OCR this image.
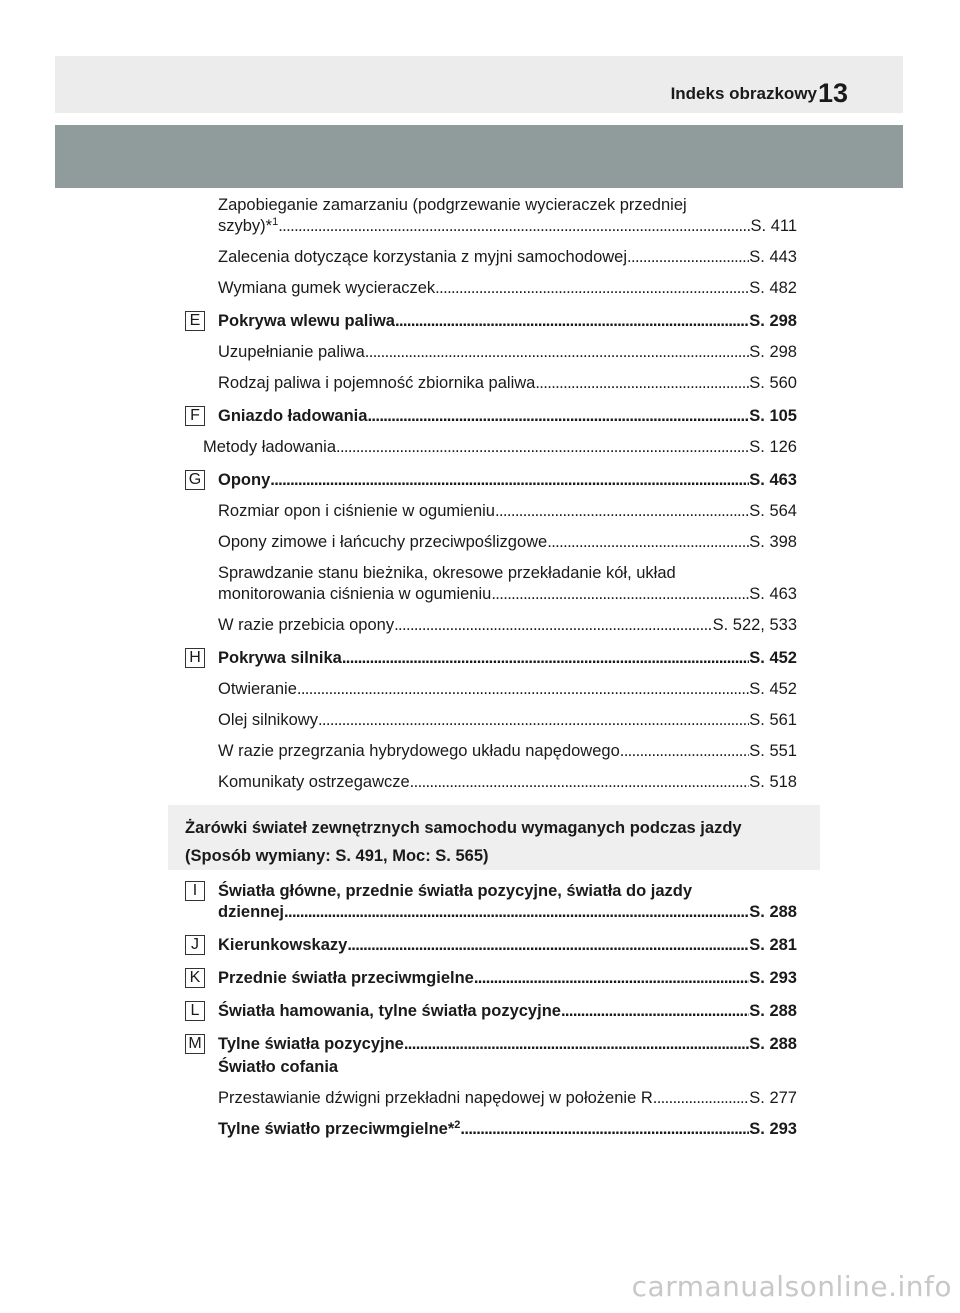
Indeks obrazkowy 13
Żarówki świateł zewnętrznych samochodu wymaganych podczas jazdy
(Sposób wymiany: S. 491, Moc: S. 565)
Zapobieganie zamarzaniu (podgrzewanie wycieraczek przedniej
szyby)*$^1$ . . .	S. 411
Zalecenia dotyczące korzystania z myjni samochodowej . . .	S. 443
Wymiana gumek wycieraczek . . .	S. 482
E Pokrywa wlewu paliwa . . .	S. 298
Uzupełnianie paliwa . . .	S. 298
Rodzaj paliwa i pojemność zbiornika paliwa . . .	S. 560
F	Gniazdo ładowania . . .	S. 105
Metody ładowania . . .	S. 126
G Opony . . .	S. 463
Rozmiar opon i ciśnienie w ogumieniu . . .	S. 564
Opony zimowe i łańcuchy przeciwpoślizgowe . . .	S. 398
Sprawdzanie stanu bieżnika, okresowe przekładanie kół, układ
monitorowania ciśnienia w ogumieniu . . .	S. 463
W razie przebicia opony . . .	S. 522, 533
H Pokrywa silnika . . .	S. 452
Otwieranie . . .	S. 452
Olej silnikowy . . .	S. 561
W razie przegrzania hybrydowego układu napędowego . . .	S. 551
Komunikaty ostrzegawcze . . .	S. 518
I	Światła główne, przednie światła pozycyjne, światła do jazdy
dziennej . . .	S. 288
J	Kierunkowskazy . . .	S. 281
K Przednie światła przeciwmgielne . . .	S. 293
L	Światła hamowania, tylne światła pozycyjne . . .	S. 288
M Tylne światła pozycyjne . . .	S. 288
Światło cofania
Przestawianie dźwigni przekładni napędowej w położenie R . . .	S. 277
Tylne światło przeciwmgielne*$^2$ . . .	S. 293
carmanualsonline.info
